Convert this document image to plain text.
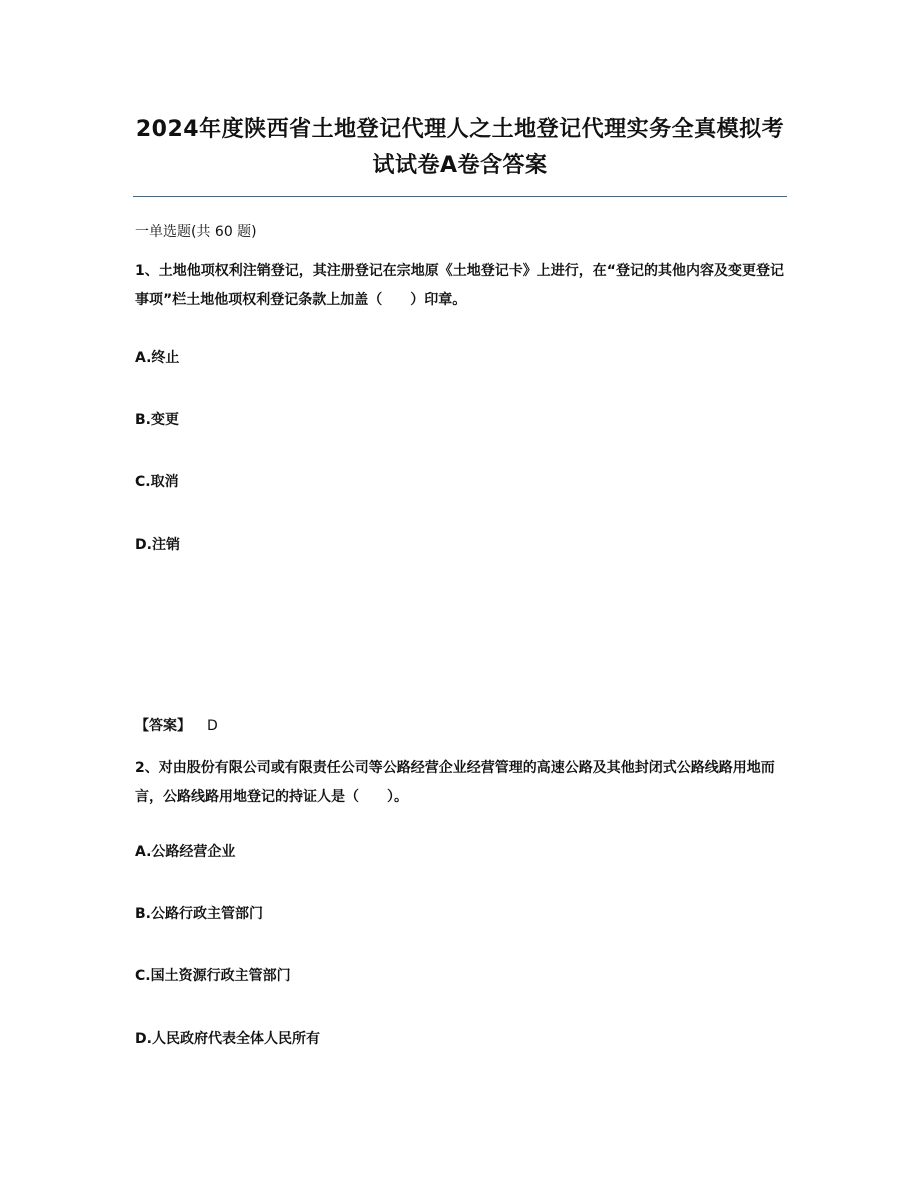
2024年度陕西省土地登记代理人之土地登记代理实务全真模拟考试试卷A卷含答案
一单选题(共 60 题)
1、土地他项权利注销登记，其注册登记在宗地原《土地登记卡》上进行，在“登记的其他内容及变更登记事项”栏土地他项权利登记条款上加盖（　　）印章。
A.终止
B.变更
C.取消
D.注销
【答案】 D
2、对由股份有限公司或有限责任公司等公路经营企业经营管理的高速公路及其他封闭式公路线路用地而言，公路线路用地登记的持证人是（　　）。
A.公路经营企业
B.公路行政主管部门
C.国土资源行政主管部门
D.人民政府代表全体人民所有
